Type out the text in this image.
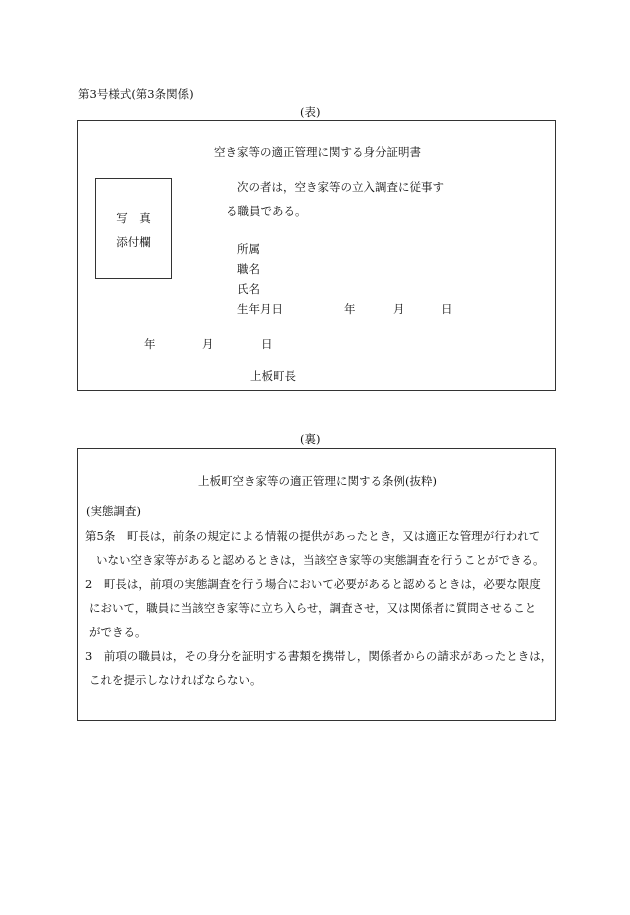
第3号様式(第3条関係)
(表)
空き家等の適正管理に関する身分証明書
写　真
添付欄
次の者は，空き家等の立入調査に従事す
る職員である。
所属
職名
氏名
生年月日	年	月	日
年	月	日
上板町長
(裏)
上板町空き家等の適正管理に関する条例(抜粋)
(実態調査)
第5条　町長は，前条の規定による情報の提供があったとき，又は適正な管理が行われて
いない空き家等があると認めるときは，当該空き家等の実態調査を行うことができる。
2　町長は，前項の実態調査を行う場合において必要があると認めるときは，必要な限度
において，職員に当該空き家等に立ち入らせ，調査させ，又は関係者に質問させること
ができる。
3　前項の職員は，その身分を証明する書類を携帯し，関係者からの請求があったときは，
これを提示しなければならない。
